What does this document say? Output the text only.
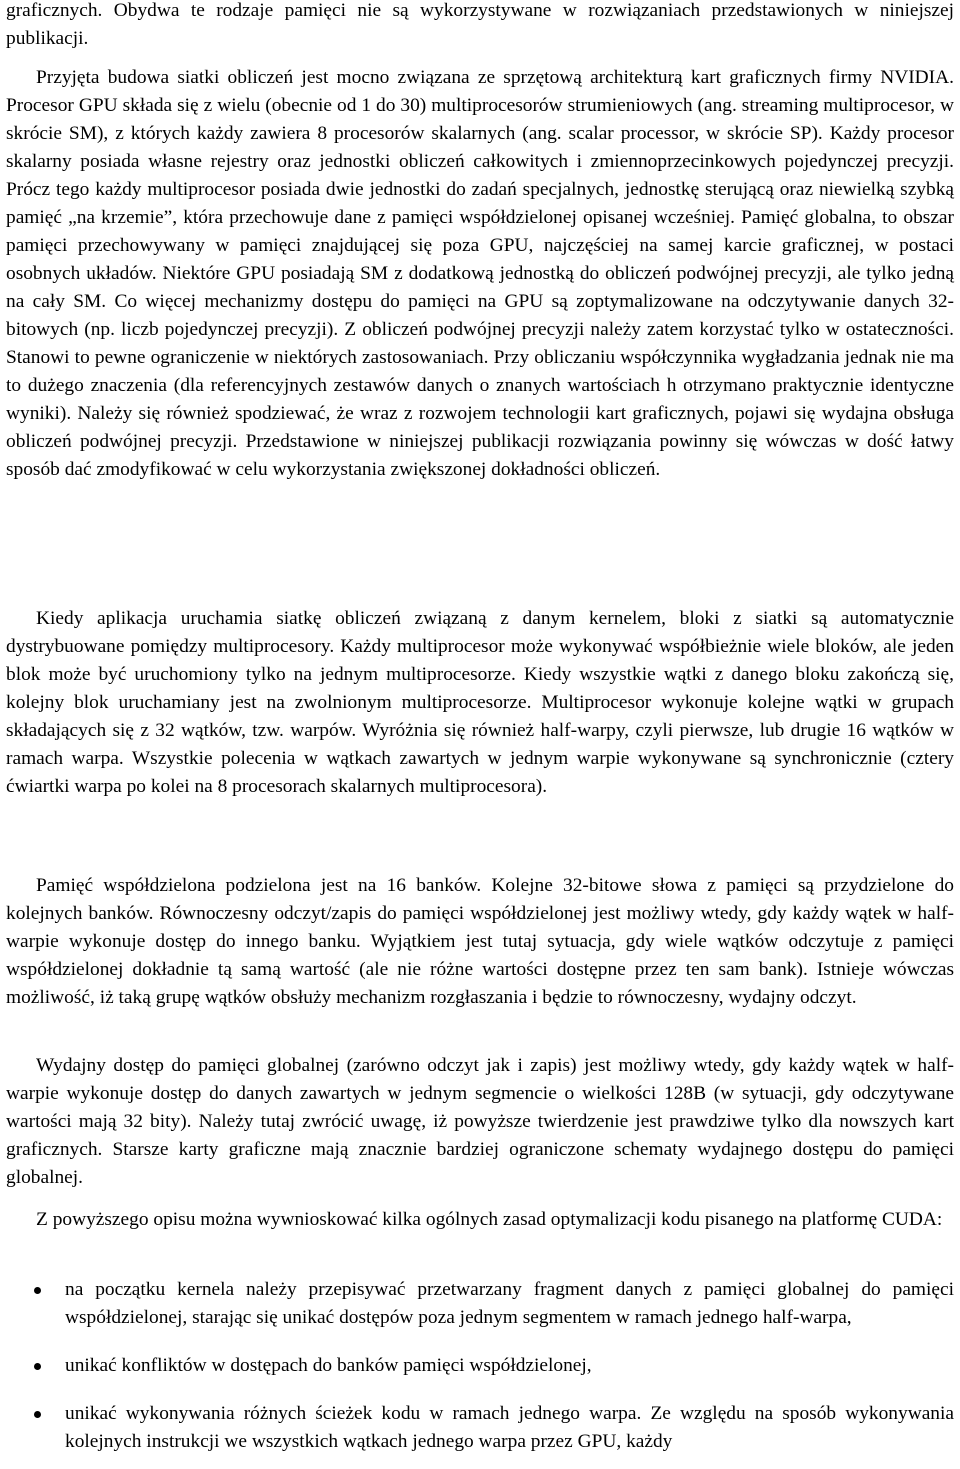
graficznych. Obydwa te rodzaje pamięci nie są wykorzystywane w rozwiązaniach przedstawionych w niniejszej publikacji.

Przyjęta budowa siatki obliczeń jest mocno związana ze sprzętową architekturą kart graficznych firmy NVIDIA. Procesor GPU składa się z wielu (obecnie od 1 do 30) multiprocesorów strumieniowych (ang. streaming multiprocesor, w skrócie SM), z których każdy zawiera 8 procesorów skalarnych (ang. scalar processor, w skrócie SP). Każdy procesor skalarny posiada własne rejestry oraz jednostki obliczeń całkowitych i zmiennoprzecinkowych pojedynczej precyzji. Prócz tego każdy multiprocesor posiada dwie jednostki do zadań specjalnych, jednostkę sterującą oraz niewielką szybką pamięć „na krzemie”, która przechowuje dane z pamięci współdzielonej opisanej wcześniej. Pamięć globalna, to obszar pamięci przechowywany w pamięci znajdującej się poza GPU, najczęściej na samej karcie graficznej, w postaci osobnych układów. Niektóre GPU posiadają SM z dodatkową jednostką do obliczeń podwójnej precyzji, ale tylko jedną na cały SM. Co więcej mechanizmy dostępu do pamięci na GPU są zoptymalizowane na odczytywanie danych 32-bitowych (np. liczb pojedynczej precyzji). Z obliczeń podwójnej precyzji należy zatem korzystać tylko w ostateczności. Stanowi to pewne ograniczenie w niektórych zastosowaniach. Przy obliczaniu współczynnika wygładzania jednak nie ma to dużego znaczenia (dla referencyjnych zestawów danych o znanych wartościach h otrzymano praktycznie identyczne wyniki). Należy się również spodziewać, że wraz z rozwojem technologii kart graficznych, pojawi się wydajna obsługa obliczeń podwójnej precyzji. Przedstawione w niniejszej publikacji rozwiązania powinny się wówczas w dość łatwy sposób dać zmodyfikować w celu wykorzystania zwiększonej dokładności obliczeń.

Kiedy aplikacja uruchamia siatkę obliczeń związaną z danym kernelem, bloki z siatki są automatycznie dystrybuowane pomiędzy multiprocesory. Każdy multiprocesor może wykonywać współbieżnie wiele bloków, ale jeden blok może być uruchomiony tylko na jednym multiprocesorze. Kiedy wszystkie wątki z danego bloku zakończą się, kolejny blok uruchamiany jest na zwolnionym multiprocesorze. Multiprocesor wykonuje kolejne wątki w grupach składających się z 32 wątków, tzw. warpów. Wyróżnia się również half-warpy, czyli pierwsze, lub drugie 16 wątków w ramach warpa. Wszystkie polecenia w wątkach zawartych w jednym warpie wykonywane są synchronicznie (cztery ćwiartki warpa po kolei na 8 procesorach skalarnych multiprocesora).

Pamięć współdzielona podzielona jest na 16 banków. Kolejne 32-bitowe słowa z pamięci są przydzielone do kolejnych banków. Równoczesny odczyt/zapis do pamięci współdzielonej jest możliwy wtedy, gdy każdy wątek w half-warpie wykonuje dostęp do innego banku. Wyjątkiem jest tutaj sytuacja, gdy wiele wątków odczytuje z pamięci współdzielonej dokładnie tą samą wartość (ale nie różne wartości dostępne przez ten sam bank). Istnieje wówczas możliwość, iż taką grupę wątków obsłuży mechanizm rozgłaszania i będzie to równoczesny, wydajny odczyt.

Wydajny dostęp do pamięci globalnej (zarówno odczyt jak i zapis) jest możliwy wtedy, gdy każdy wątek w half-warpie wykonuje dostęp do danych zawartych w jednym segmencie o wielkości 128B (w sytuacji, gdy odczytywane wartości mają 32 bity). Należy tutaj zwrócić uwagę, iż powyższe twierdzenie jest prawdziwe tylko dla nowszych kart graficznych. Starsze karty graficzne mają znacznie bardziej ograniczone schematy wydajnego dostępu do pamięci globalnej.

Z powyższego opisu można wywnioskować kilka ogólnych zasad optymalizacji kodu pisanego na platformę CUDA:

na początku kernela należy przepisywać przetwarzany fragment danych z pamięci globalnej do pamięci współdzielonej, starając się unikać dostępów poza jednym segmentem w ramach jednego half-warpa,
unikać konfliktów w dostępach do banków pamięci współdzielonej,
unikać wykonywania różnych ścieżek kodu w ramach jednego warpa. Ze względu na sposób wykonywania kolejnych instrukcji we wszystkich wątkach jednego warpa przez GPU, każdy
